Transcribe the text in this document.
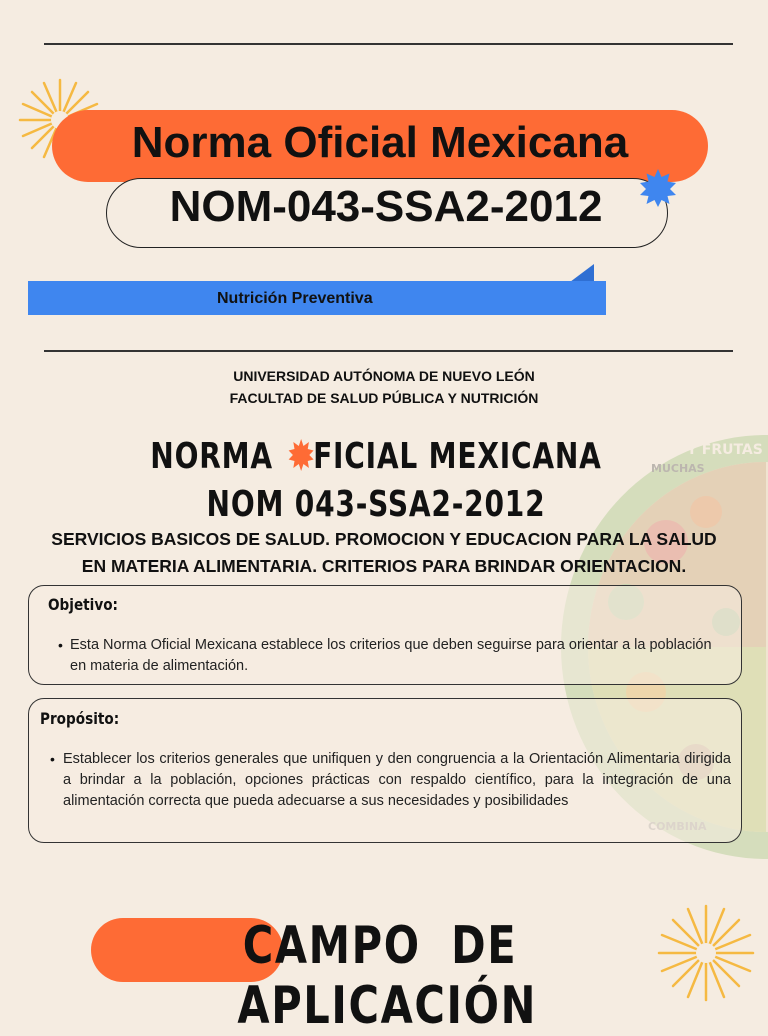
Norma Oficial Mexicana
NOM-043-SSA2-2012
Nutrición Preventiva
UNIVERSIDAD AUTÓNOMA DE NUEVO LEÓN
FACULTAD DE SALUD PÚBLICA Y NUTRICIÓN
VERDURAS Y FRUTAS
MUCHAS
NORMA FICIAL MEXICANA
NOM 043-SSA2-2012
SERVICIOS BASICOS DE SALUD. PROMOCION Y EDUCACION PARA LA SALUD
EN MATERIA ALIMENTARIA. CRITERIOS PARA BRINDAR ORIENTACION.
Objetivo:
• Esta Norma Oficial Mexicana establece los criterios que deben seguirse para orientar a la población en materia de alimentación.
Propósito:
• Establecer los criterios generales que unifiquen y den congruencia a la Orientación Alimentaria dirigida a brindar a la población, opciones prácticas con respaldo científico, para la integración de una alimentación correcta que pueda adecuarse a sus necesidades y posibilidades
CAMPO DE APLICACIÓN
